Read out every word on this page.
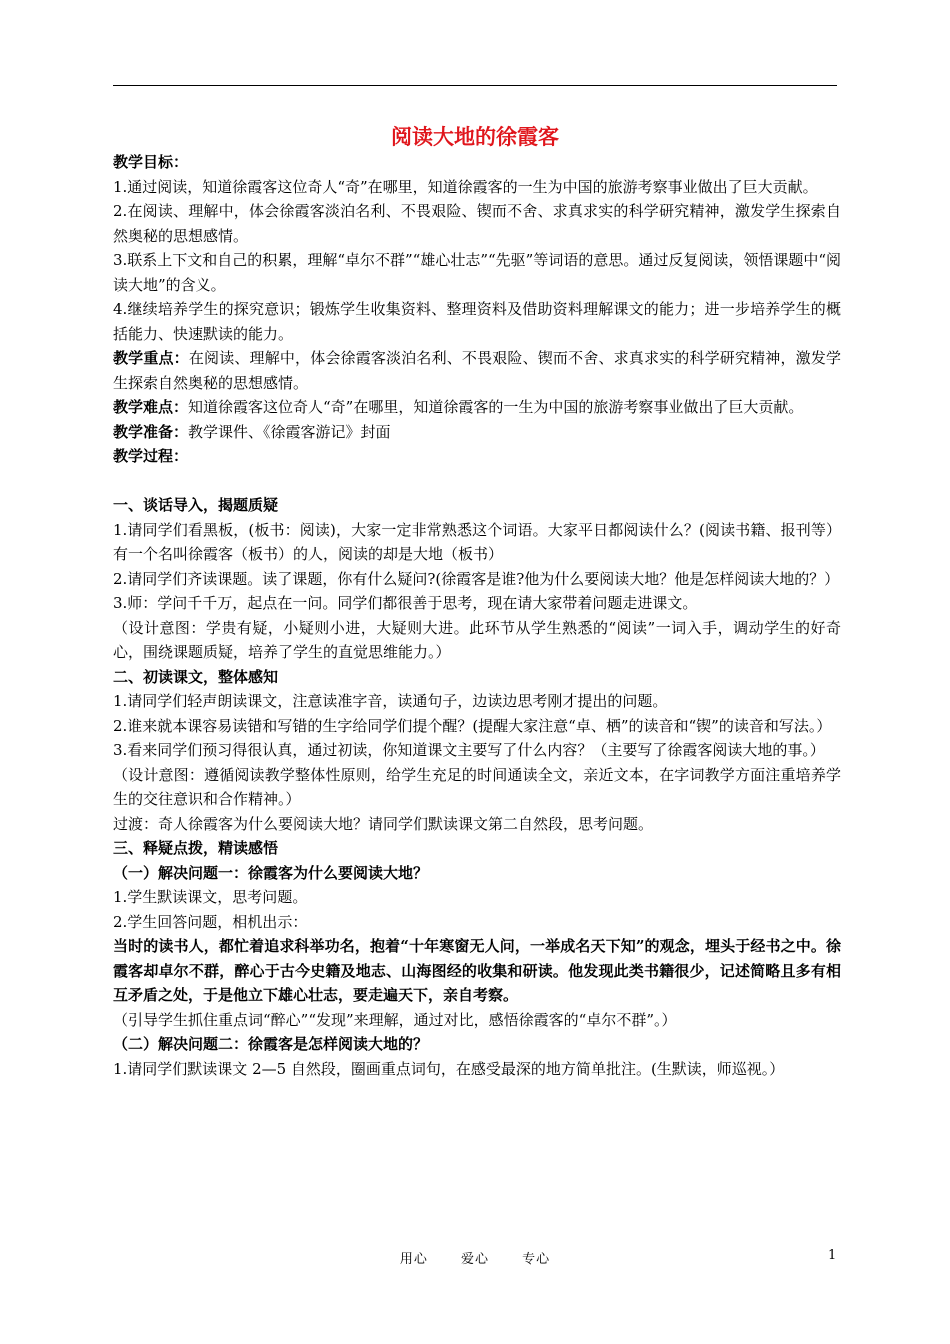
阅读大地的徐霞客

教学目标：

1.通过阅读，知道徐霞客这位奇人“奇”在哪里，知道徐霞客的一生为中国的旅游考察事业做出了巨大贡献。

2.在阅读、理解中，体会徐霞客淡泊名利、不畏艰险、锲而不舍、求真求实的科学研究精神，激发学生探索自然奥秘的思想感情。

3.联系上下文和自己的积累，理解“卓尔不群”“雄心壮志”“先驱”等词语的意思。通过反复阅读，领悟课题中“阅读大地”的含义。

4.继续培养学生的探究意识；锻炼学生收集资料、整理资料及借助资料理解课文的能力；进一步培养学生的概括能力、快速默读的能力。

教学重点：在阅读、理解中，体会徐霞客淡泊名利、不畏艰险、锲而不舍、求真求实的科学研究精神，激发学生探索自然奥秘的思想感情。

教学难点：知道徐霞客这位奇人“奇”在哪里，知道徐霞客的一生为中国的旅游考察事业做出了巨大贡献。

教学准备：教学课件、《徐霞客游记》封面

教学过程：

一、谈话导入，揭题质疑

1.请同学们看黑板，(板书：阅读)，大家一定非常熟悉这个词语。大家平日都阅读什么？(阅读书籍、报刊等）有一个名叫徐霞客（板书）的人，阅读的却是大地（板书）

2.请同学们齐读课题。读了课题，你有什么疑问?(徐霞客是谁?他为什么要阅读大地？他是怎样阅读大地的？）

3.师：学问千千万，起点在一问。同学们都很善于思考，现在请大家带着问题走进课文。

（设计意图：学贵有疑，小疑则小进，大疑则大进。此环节从学生熟悉的“阅读”一词入手，调动学生的好奇心，围绕课题质疑，培养了学生的直觉思维能力。）

二、初读课文，整体感知

1.请同学们轻声朗读课文，注意读准字音，读通句子，边读边思考刚才提出的问题。

2.谁来就本课容易读错和写错的生字给同学们提个醒？(提醒大家注意“卓、栖”的读音和“锲”的读音和写法。）

3.看来同学们预习得很认真，通过初读，你知道课文主要写了什么内容？（主要写了徐霞客阅读大地的事。）

（设计意图：遵循阅读教学整体性原则，给学生充足的时间通读全文，亲近文本，在字词教学方面注重培养学生的交往意识和合作精神。）

过渡：奇人徐霞客为什么要阅读大地？请同学们默读课文第二自然段，思考问题。

三、释疑点拨，精读感悟

（一）解决问题一：徐霞客为什么要阅读大地？

1.学生默读课文，思考问题。

2.学生回答问题，相机出示：

当时的读书人，都忙着追求科举功名，抱着“十年寒窗无人问，一举成名天下知”的观念，埋头于经书之中。徐霞客却卓尔不群，醉心于古今史籍及地志、山海图经的收集和研读。他发现此类书籍很少，记述简略且多有相互矛盾之处，于是他立下雄心壮志，要走遍天下，亲自考察。

（引导学生抓住重点词“醉心”“发现”来理解，通过对比，感悟徐霞客的“卓尔不群”。）

（二）解决问题二：徐霞客是怎样阅读大地的？

1.请同学们默读课文 2—5 自然段，圈画重点词句，在感受最深的地方简单批注。(生默读，师巡视。）

用心	爱心	专心	1
